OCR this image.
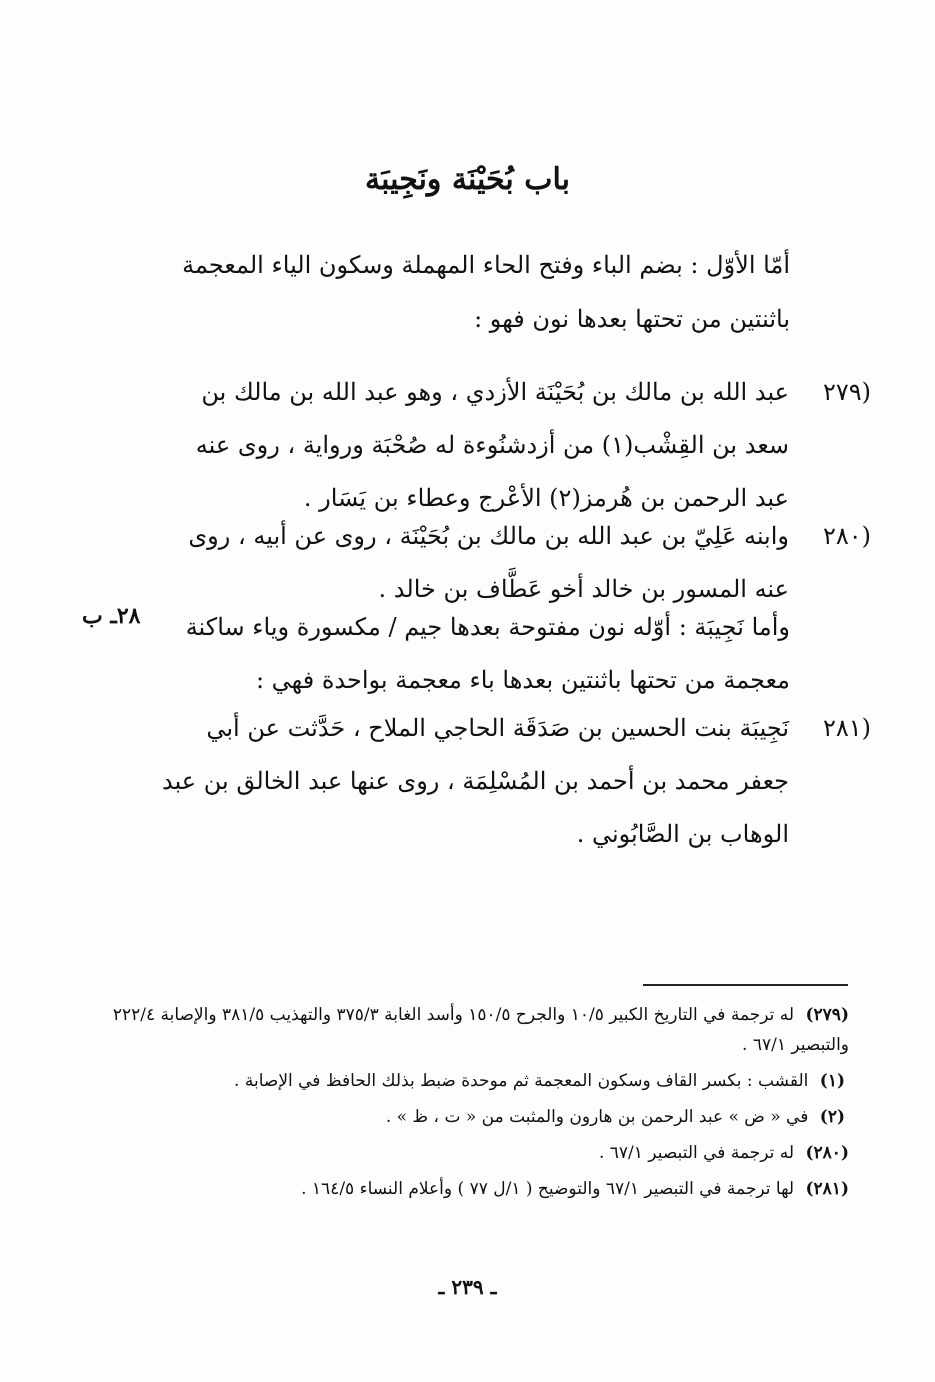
باب بُحَيْنَة ونَجِيبَة

أمّا الأوّل : بضم الباء وفتح الحاء المهملة وسكون الياء المعجمة باثنتين من تحتها بعدها نون فهو :

(٢٧٩
عبد الله بن مالك بن بُحَيْنَة الأزدي ، وهو عبد الله بن مالك بن سعد بن القِشْب(١) من أزدشنُوءة له صُحْبَة ورواية ، روى عنه عبد الرحمن بن هُرمز(٢) الأعْرج وعطاء بن يَسَار .
(٢٨٠
وابنه عَلِيّ بن عبد الله بن مالك بن بُحَيْنَة ، روى عن أبيه ، روى عنه المسور بن خالد أخو عَطَّاف بن خالد .

وأما نَجِيبَة : أوّله نون مفتوحة بعدها جيم / مكسورة وياء ساكنة معجمة من تحتها باثنتين بعدها باء معجمة بواحدة فهي :

٢٨ـ ب
(٢٨١
نَجِيبَة بنت الحسين بن صَدَقَة الحاجي الملاح ، حَدَّثت عن أبي جعفر محمد بن أحمد بن المُسْلِمَة ، روى عنها عبد الخالق بن عبد الوهاب بن الصَّابُوني .

(٢٧٩) له ترجمة في التاريخ الكبير ١٠/٥ والجرح ١٥٠/٥ وأسد الغابة ٣٧٥/٣ والتهذيب ٣٨١/٥ والإصابة ٢٢٢/٤ والتبصير ٦٧/١ .

(١) القشب : بكسر القاف وسكون المعجمة ثم موحدة ضبط بذلك الحافظ في الإصابة .

(٢) في « ض » عبد الرحمن بن هارون والمثبت من « ت ، ظ » .

(٢٨٠) له ترجمة في التبصير ٦٧/١ .

(٢٨١) لها ترجمة في التبصير ٦٧/١ والتوضيح ( ١/ل ٧٧ ) وأعلام النساء ١٦٤/٥ .

ـ ٢٣٩ ـ
